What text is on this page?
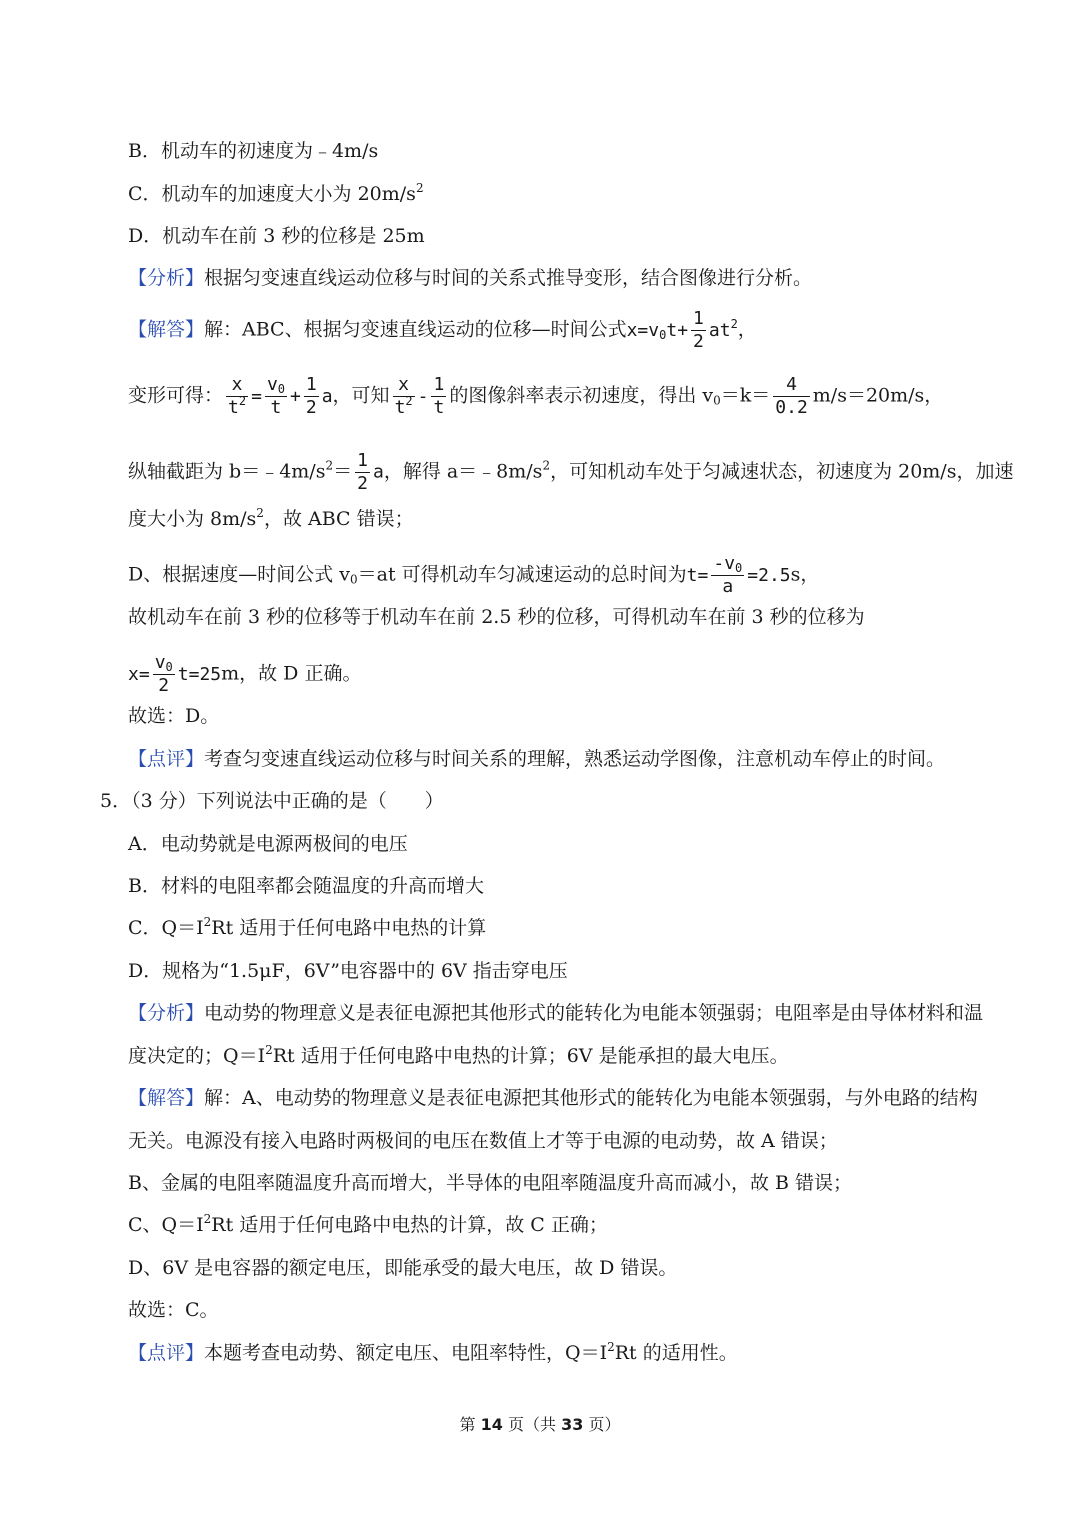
B．机动车的初速度为﹣4m/s
C．机动车的加速度大小为 $20m/s^2$
D．机动车在前 3 秒的位移是 25m
【分析】根据匀变速直线运动位移与时间的关系式推导变形，结合图像进行分析。
【解答】解：ABC、根据匀变速直线运动的位移—时间公式$x=v_0t+ \frac{1}{2} at^2$，
变形可得： $\frac{x}{t^2} = \frac{v_0}{t} + \frac{1}{2}$ a，可知 $\frac{x}{t^2} - \frac{1}{t}$ 的图像斜率表示初速度，得出 $v_0=k= \frac{4}{0.2} m/s=20m/s$，
纵轴截距为 $b=﹣4m/s^2= \frac{1}{2}$ a，解得 $a=﹣8m/s^2$，可知机动车处于匀减速状态，初速度为 20m/s，加速
度大小为 $8m/s^2$，故 ABC 错误；
D、根据速度—时间公式 $v_0=at$ 可得机动车匀减速运动的总时间为$t= \frac{-v_0}{a} =2.5s$，
故机动车在前 3 秒的位移等于机动车在前 2.5 秒的位移，可得机动车在前 3 秒的位移为
$x= \frac{v_0}{2} t=25m$，故 D 正确。
故选：D。
【点评】考查匀变速直线运动位移与时间关系的理解，熟悉运动学图像，注意机动车停止的时间。
5．（3 分）下列说法中正确的是（　　）
A．电动势就是电源两极间的电压
B．材料的电阻率都会随温度的升高而增大
C．$Q=I^2Rt$ 适用于任何电路中电热的计算
D．规格为“1.5μF，6V”电容器中的 6V 指击穿电压
【分析】电动势的物理意义是表征电源把其他形式的能转化为电能本领强弱；电阻率是由导体材料和温
度决定的；$Q=I^2Rt$ 适用于任何电路中电热的计算；6V 是能承担的最大电压。
【解答】解：A、电动势的物理意义是表征电源把其他形式的能转化为电能本领强弱，与外电路的结构
无关。电源没有接入电路时两极间的电压在数值上才等于电源的电动势，故 A 错误；
B、金属的电阻率随温度升高而增大，半导体的电阻率随温度升高而减小，故 B 错误；
C、$Q=I^2Rt$ 适用于任何电路中电热的计算，故 C 正确；
D、6V 是电容器的额定电压，即能承受的最大电压，故 D 错误。
故选：C。
【点评】本题考查电动势、额定电压、电阻率特性，$Q=I^2Rt$ 的适用性。
第 14 页（共 33 页）
